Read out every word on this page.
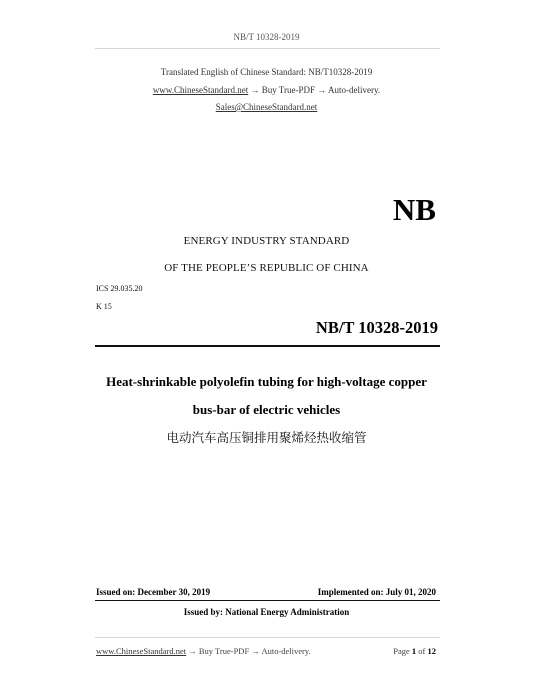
NB/T 10328-2019
Translated English of Chinese Standard: NB/T10328-2019
www.ChineseStandard.net → Buy True-PDF → Auto-delivery.
Sales@ChineseStandard.net
NB
ENERGY INDUSTRY STANDARD
OF THE PEOPLE’S REPUBLIC OF CHINA
ICS 29.035.20
K 15
NB/T 10328-2019
Heat-shrinkable polyolefin tubing for high-voltage copper
bus-bar of electric vehicles
电动汽车高压铜排用聚烯烃热收缩管
Issued on: December 30, 2019	Implemented on: July 01, 2020
Issued by: National Energy Administration
www.ChineseStandard.net → Buy True-PDF → Auto-delivery.	Page 1 of 12
